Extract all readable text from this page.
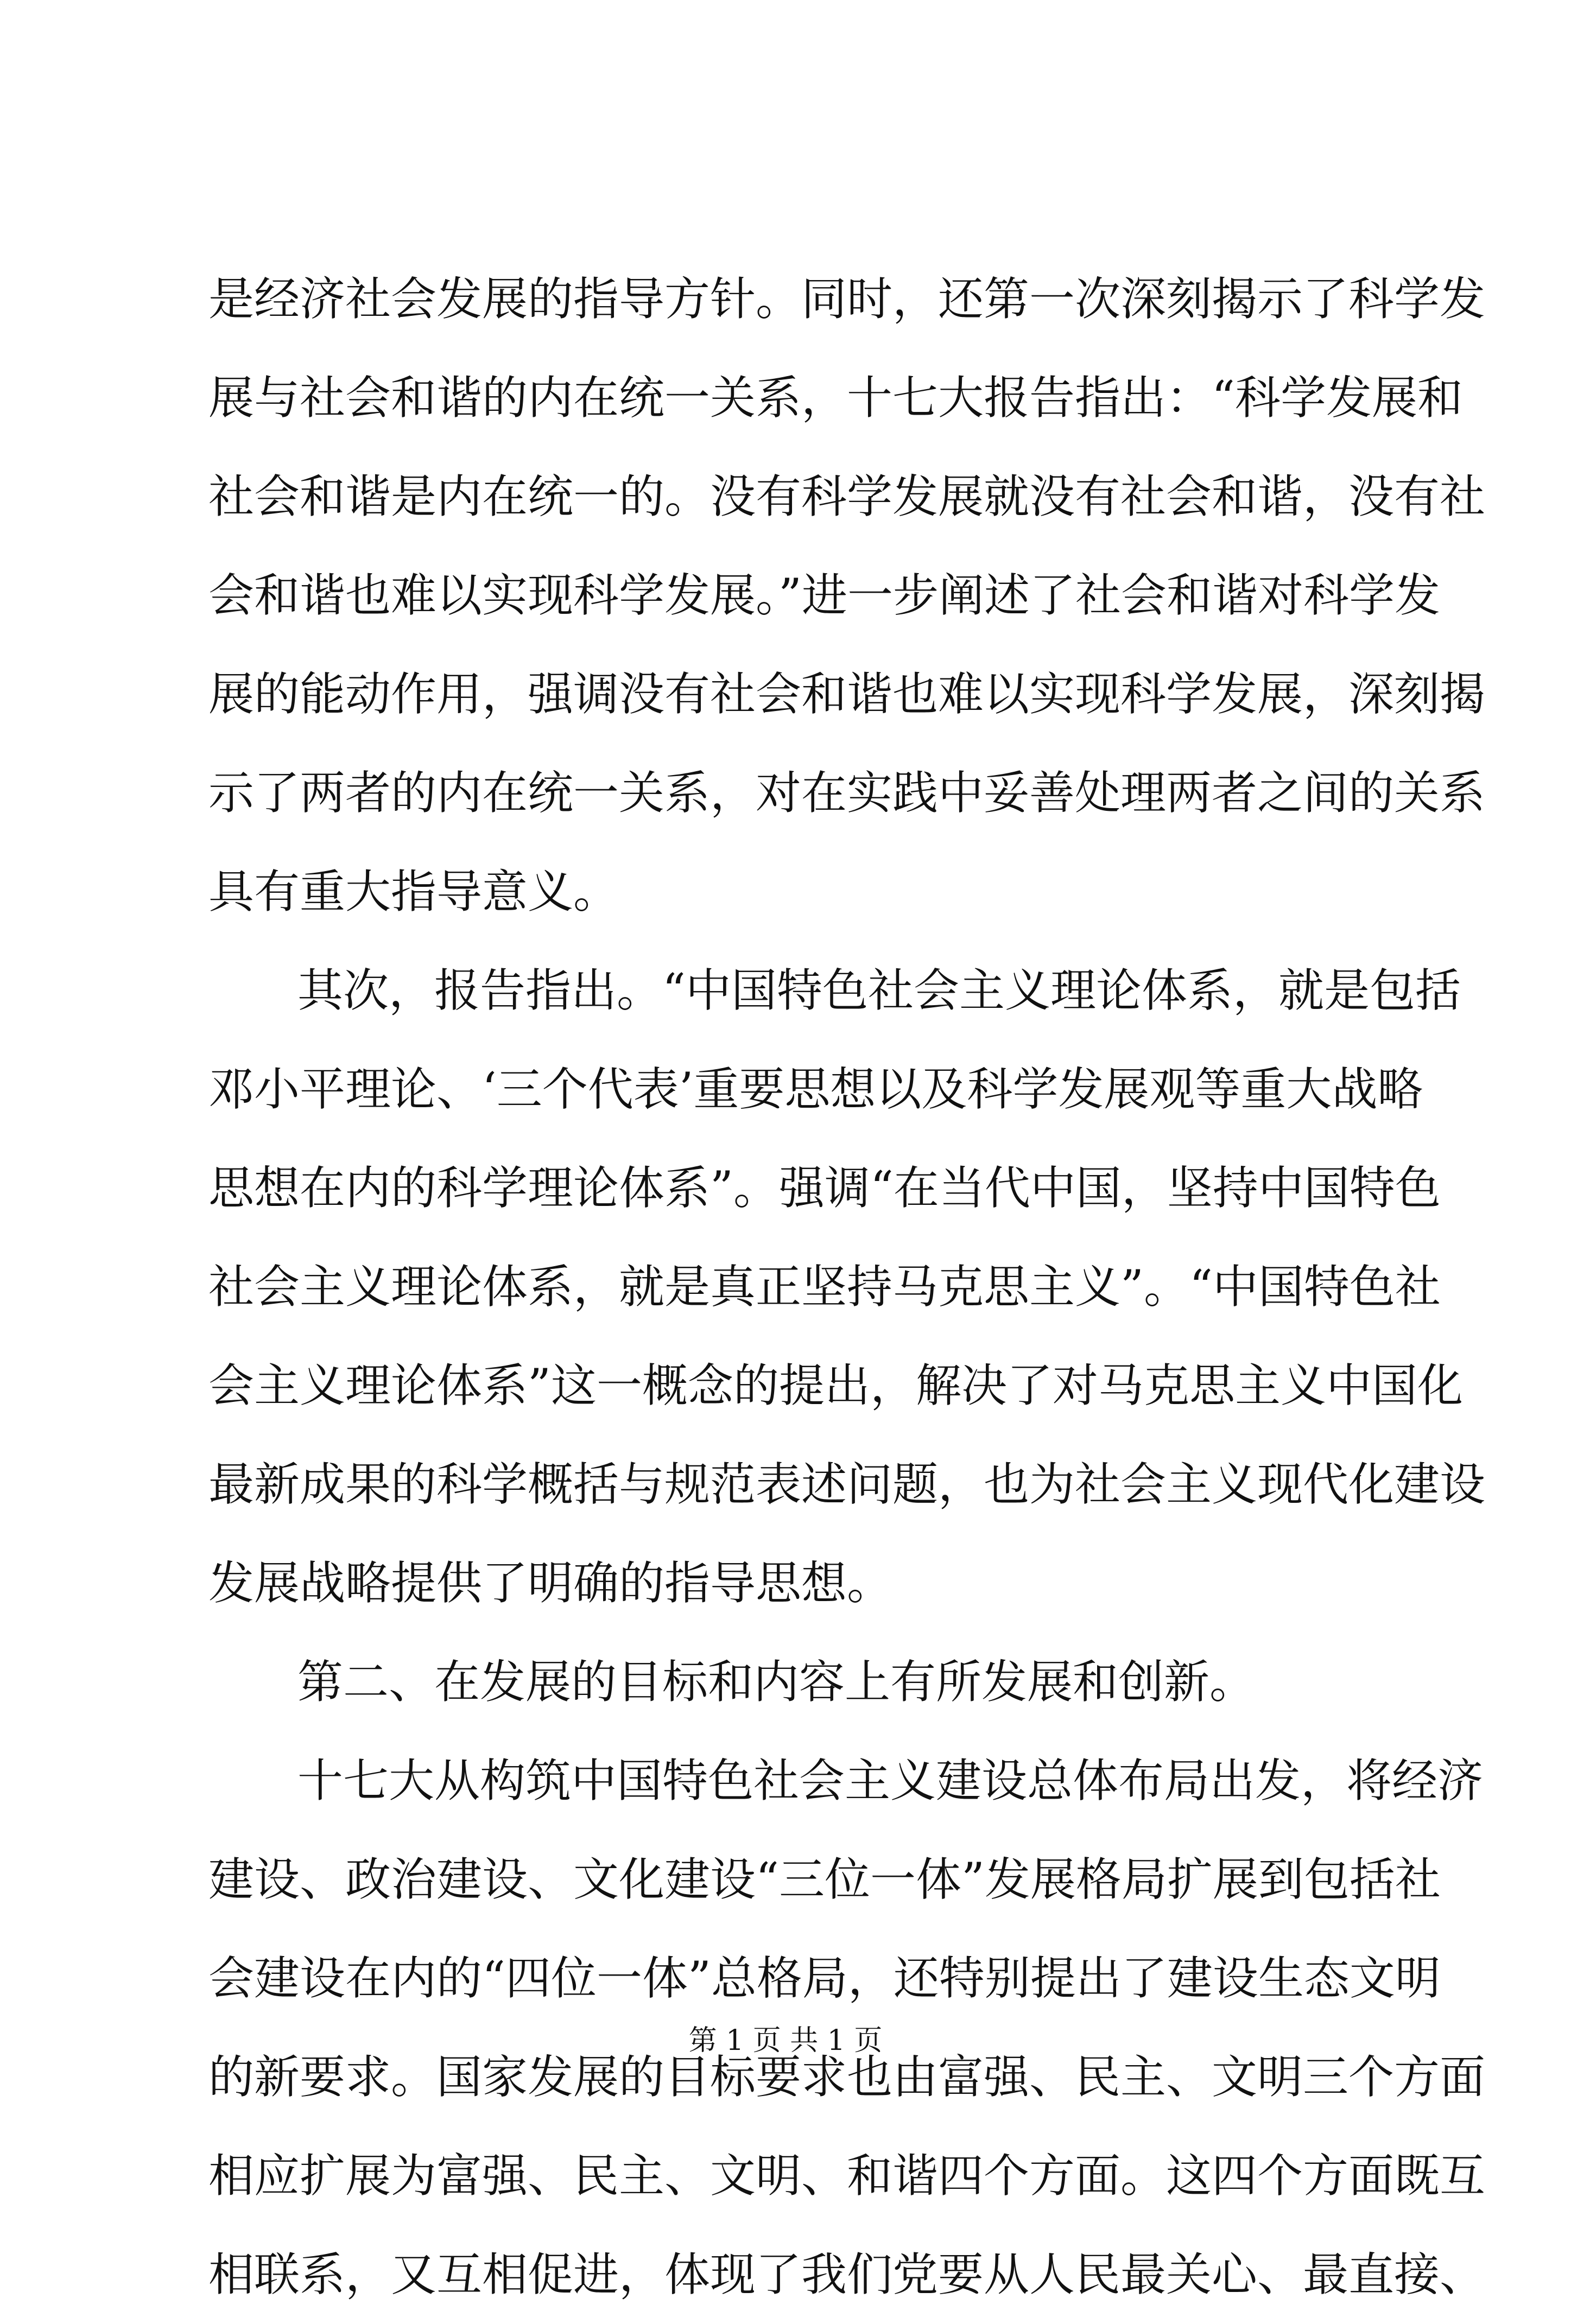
是经济社会发展的指导方针。同时，还第一次深刻揭示了科学发
展与社会和谐的内在统一关系，十七大报告指出：“科学发展和
社会和谐是内在统一的。没有科学发展就没有社会和谐，没有社
会和谐也难以实现科学发展。”进一步阐述了社会和谐对科学发
展的能动作用，强调没有社会和谐也难以实现科学发展，深刻揭
示了两者的内在统一关系，对在实践中妥善处理两者之间的关系
具有重大指导意义。
其次，报告指出。“中国特色社会主义理论体系，就是包括
邓小平理论、‘三个代表’重要思想以及科学发展观等重大战略
思想在内的科学理论体系”。强调“在当代中国，坚持中国特色
社会主义理论体系，就是真正坚持马克思主义”。“中国特色社
会主义理论体系”这一概念的提出，解决了对马克思主义中国化
最新成果的科学概括与规范表述问题，也为社会主义现代化建设
发展战略提供了明确的指导思想。
第二、在发展的目标和内容上有所发展和创新。
十七大从构筑中国特色社会主义建设总体布局出发，将经济
建设、政治建设、文化建设“三位一体”发展格局扩展到包括社
会建设在内的“四位一体”总格局，还特别提出了建设生态文明
的新要求。国家发展的目标要求也由富强、民主、文明三个方面
相应扩展为富强、民主、文明、和谐四个方面。这四个方面既互
相联系，又互相促进，体现了我们党要从人民最关心、最直接、
第 1 页 共 1 页
